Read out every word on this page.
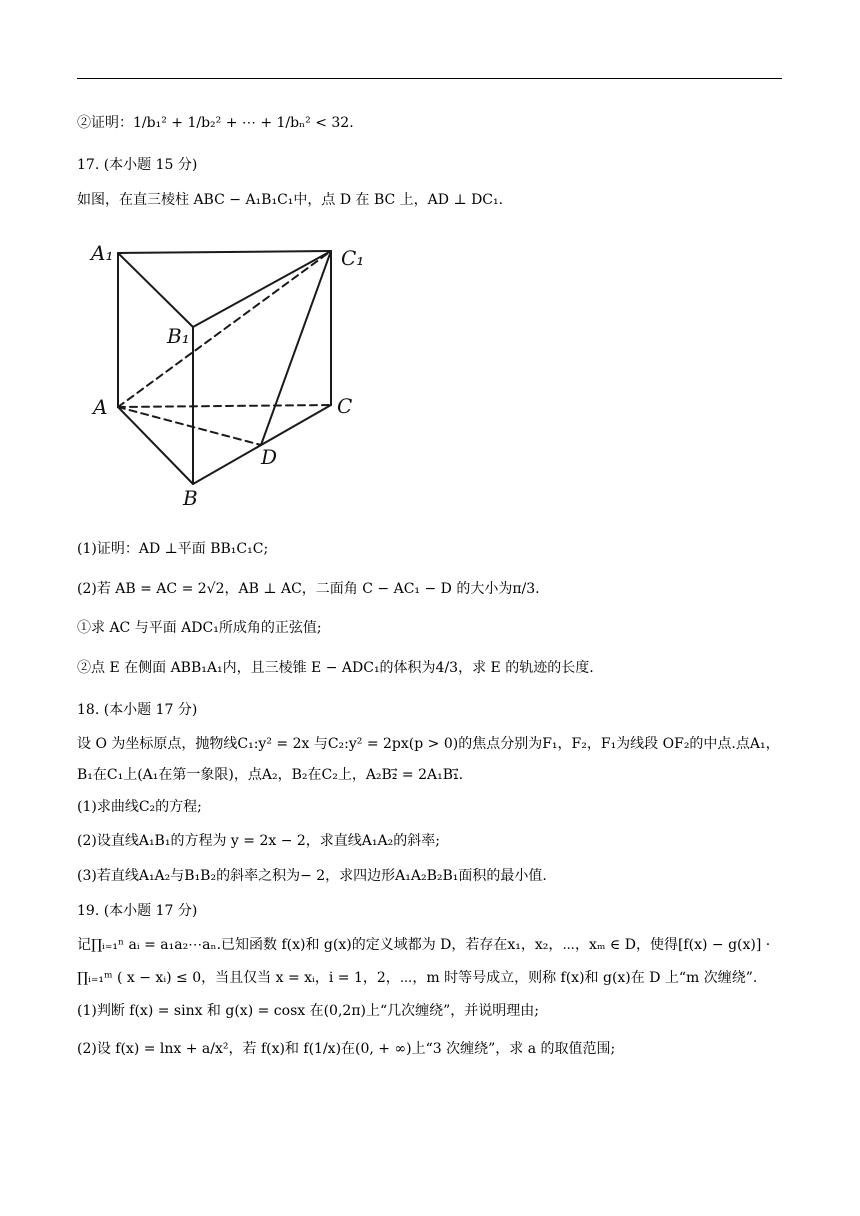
②证明：1/b₁² + 1/b₂² + ⋯ + 1/bₙ² < 32.
17. (本小题 15 分)
如图，在直三棱柱 ABC − A₁B₁C₁中，点 D 在 BC 上，AD ⊥ DC₁.
A₁	C₁
B₁
A	C
D
B
(1)证明：AD ⊥平面 BB₁C₁C;
(2)若 AB = AC = 2√2，AB ⊥ AC，二面角 C − AC₁ − D 的大小为π/3.
①求 AC 与平面 ADC₁所成角的正弦值;
②点 E 在侧面 ABB₁A₁内，且三棱锥 E − ADC₁的体积为4/3，求 E 的轨迹的长度.
18. (本小题 17 分)
设 O 为坐标原点，抛物线C₁:y² = 2x 与C₂:y² = 2px(p > 0)的焦点分别为F₁，F₂，F₁为线段 OF₂的中点.点A₁，
B₁在C₁上(A₁在第一象限)，点A₂，B₂在C₂上，A₂B₂⃗ = 2A₁B₁⃗.
(1)求曲线C₂的方程;
(2)设直线A₁B₁的方程为 y = 2x − 2，求直线A₁A₂的斜率;
(3)若直线A₁A₂与B₁B₂的斜率之积为− 2，求四边形A₁A₂B₂B₁面积的最小值.
19. (本小题 17 分)
记∏ᵢ₌₁ⁿ aᵢ = a₁a₂⋯aₙ.已知函数 f(x)和 g(x)的定义域都为 D，若存在x₁，x₂，⋯，xₘ ∈ D，使得[f(x) − g(x)] ·
∏ᵢ₌₁ᵐ ( x − xᵢ) ≤ 0，当且仅当 x = xᵢ，i = 1，2，⋯，m 时等号成立，则称 f(x)和 g(x)在 D 上“m 次缠绕”.
(1)判断 f(x) = sinx 和 g(x) = cosx 在(0,2π)上“几次缠绕”，并说明理由;
(2)设 f(x) = lnx + a/x²，若 f(x)和 f(1/x)在(0, + ∞)上“3 次缠绕”，求 a 的取值范围;
